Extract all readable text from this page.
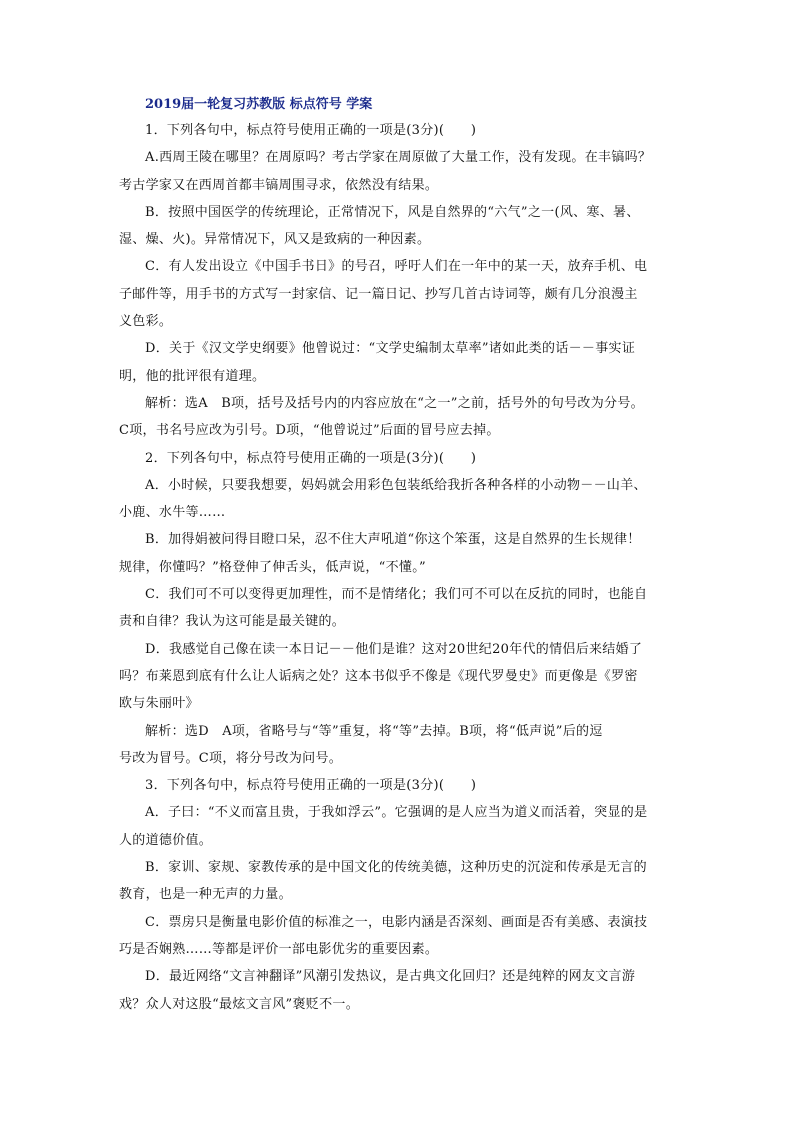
2019届一轮复习苏教版 标点符号 学案
1．下列各句中，标点符号使用正确的一项是(3分)(　　)
A.西周王陵在哪里？在周原吗？考古学家在周原做了大量工作，没有发现。在丰镐吗？
考古学家又在西周首都丰镐周围寻求，依然没有结果。
B．按照中国医学的传统理论，正常情况下，风是自然界的“六气”之一(风、寒、暑、
湿、燥、火)。异常情况下，风又是致病的一种因素。
C．有人发出设立《中国手书日》的号召，呼吁人们在一年中的某一天，放弃手机、电
子邮件等，用手书的方式写一封家信、记一篇日记、抄写几首古诗词等，颇有几分浪漫主
义色彩。
D．关于《汉文学史纲要》他曾说过：“文学史编制太草率”诸如此类的话－－事实证
明，他的批评很有道理。
解析：选A　B项，括号及括号内的内容应放在“之一”之前，括号外的句号改为分号。
C项，书名号应改为引号。D项，“他曾说过”后面的冒号应去掉。
2．下列各句中，标点符号使用正确的一项是(3分)(　　)
A．小时候，只要我想要，妈妈就会用彩色包装纸给我折各种各样的小动物－－山羊、
小鹿、水牛等……
B．加得娟被问得目瞪口呆，忍不住大声吼道“你这个笨蛋，这是自然界的生长规律！
规律，你懂吗？”格登伸了伸舌头，低声说，“不懂。”
C．我们可不可以变得更加理性，而不是情绪化；我们可不可以在反抗的同时，也能自
责和自律？我认为这可能是最关键的。
D．我感觉自己像在读一本日记－－他们是谁？这对20世纪20年代的情侣后来结婚了
吗？布莱恩到底有什么让人诟病之处？这本书似乎不像是《现代罗曼史》而更像是《罗密
欧与朱丽叶》
解析：选D　A项，省略号与“等”重复，将“等”去掉。B项，将“低声说”后的逗
号改为冒号。C项，将分号改为问号。
3．下列各句中，标点符号使用正确的一项是(3分)(　　)
A．子曰：“不义而富且贵，于我如浮云”。它强调的是人应当为道义而活着，突显的是
人的道德价值。
B．家训、家规、家教传承的是中国文化的传统美德，这种历史的沉淀和传承是无言的
教育，也是一种无声的力量。
C．票房只是衡量电影价值的标准之一，电影内涵是否深刻、画面是否有美感、表演技
巧是否娴熟……等都是评价一部电影优劣的重要因素。
D．最近网络“文言神翻译”风潮引发热议，是古典文化回归？还是纯粹的网友文言游
戏？众人对这股“最炫文言风”褒贬不一。
